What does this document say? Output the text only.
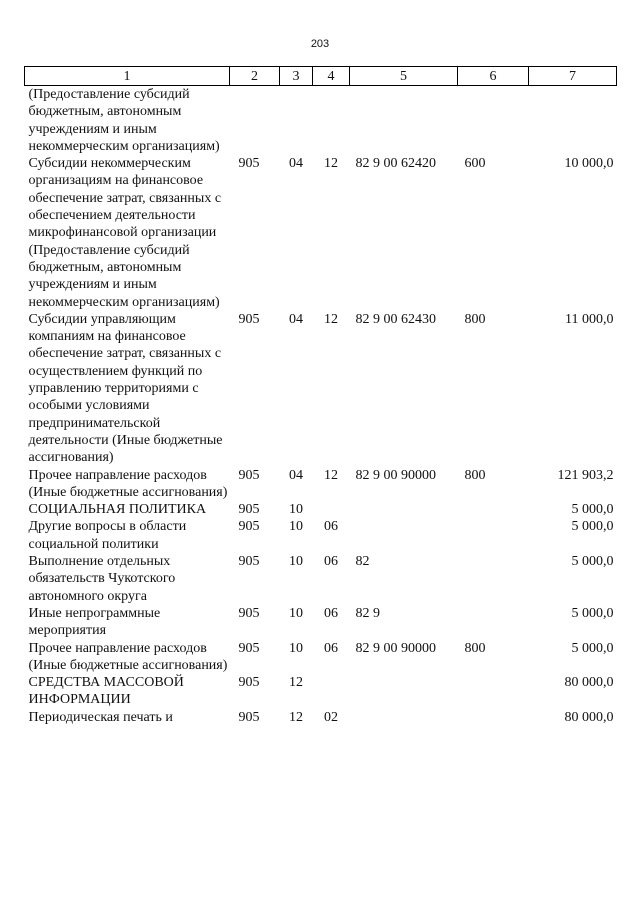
203
1	2	3	4	5	6	7
(Предоставление субсидий бюджетным, автономным учреждениям и иным некоммерческим организациям)						
Субсидии некоммерческим организациям на финансовое обеспечение затрат, связанных с обеспечением деятельности микрофинансовой организации (Предоставление субсидий бюджетным, автономным учреждениям и иным некоммерческим организациям)	905	04	12	82 9 00 62420	600	10 000,0
Субсидии управляющим компаниям на финансовое обеспечение затрат, связанных с осуществлением функций по управлению территориями с особыми условиями предпринимательской деятельности (Иные бюджетные ассигнования)	905	04	12	82 9 00 62430	800	11 000,0
Прочее направление расходов (Иные бюджетные ассигнования)	905	04	12	82 9 00 90000	800	121 903,2
СОЦИАЛЬНАЯ ПОЛИТИКА	905	10				5 000,0
Другие вопросы в области социальной политики	905	10	06			5 000,0
Выполнение отдельных обязательств Чукотского автономного округа	905	10	06	82		5 000,0
Иные непрограммные мероприятия	905	10	06	82 9		5 000,0
Прочее направление расходов (Иные бюджетные ассигнования)	905	10	06	82 9 00 90000	800	5 000,0
СРЕДСТВА МАССОВОЙ ИНФОРМАЦИИ	905	12				80 000,0
Периодическая печать и	905	12	02			80 000,0
